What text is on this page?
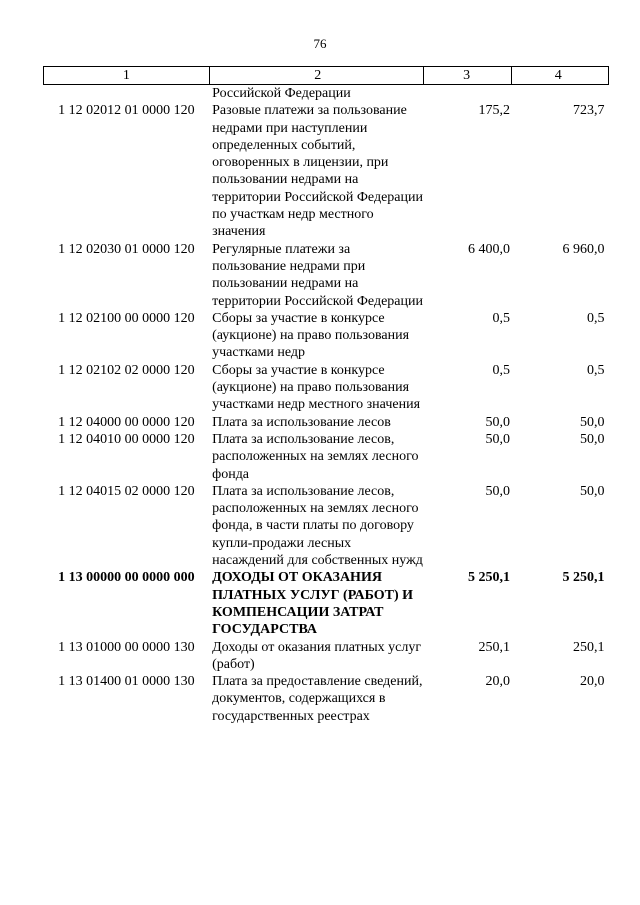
76
1	2	3	4
	Российской Федерации		
1 12 02012 01 0000 120	Разовые платежи за пользование недрами при наступлении определенных событий, оговоренных в лицензии, при пользовании недрами на территории Российской Федерации по участкам недр местного значения	175,2	723,7
1 12 02030 01 0000 120	Регулярные платежи за пользование недрами при пользовании недрами на территории Российской Федерации	6 400,0	6 960,0
1 12 02100 00 0000 120	Сборы за участие в конкурсе (аукционе) на право пользования участками недр	0,5	0,5
1 12 02102 02 0000 120	Сборы за участие в конкурсе (аукционе) на право пользования участками недр местного значения	0,5	0,5
1 12 04000 00 0000 120	Плата за использование лесов	50,0	50,0
1 12 04010 00 0000 120	Плата за использование лесов, расположенных на землях лесного фонда	50,0	50,0
1 12 04015 02 0000 120	Плата за использование лесов, расположенных на землях лесного фонда, в части платы по договору купли-продажи лесных насаждений для собственных нужд	50,0	50,0
1 13 00000 00 0000 000	ДОХОДЫ ОТ ОКАЗАНИЯ ПЛАТНЫХ УСЛУГ (РАБОТ) И КОМПЕНСАЦИИ ЗАТРАТ ГОСУДАРСТВА	5 250,1	5 250,1
1 13 01000 00 0000 130	Доходы от оказания платных услуг (работ)	250,1	250,1
1 13 01400 01 0000 130	Плата за предоставление сведений, документов, содержащихся в государственных реестрах	20,0	20,0
